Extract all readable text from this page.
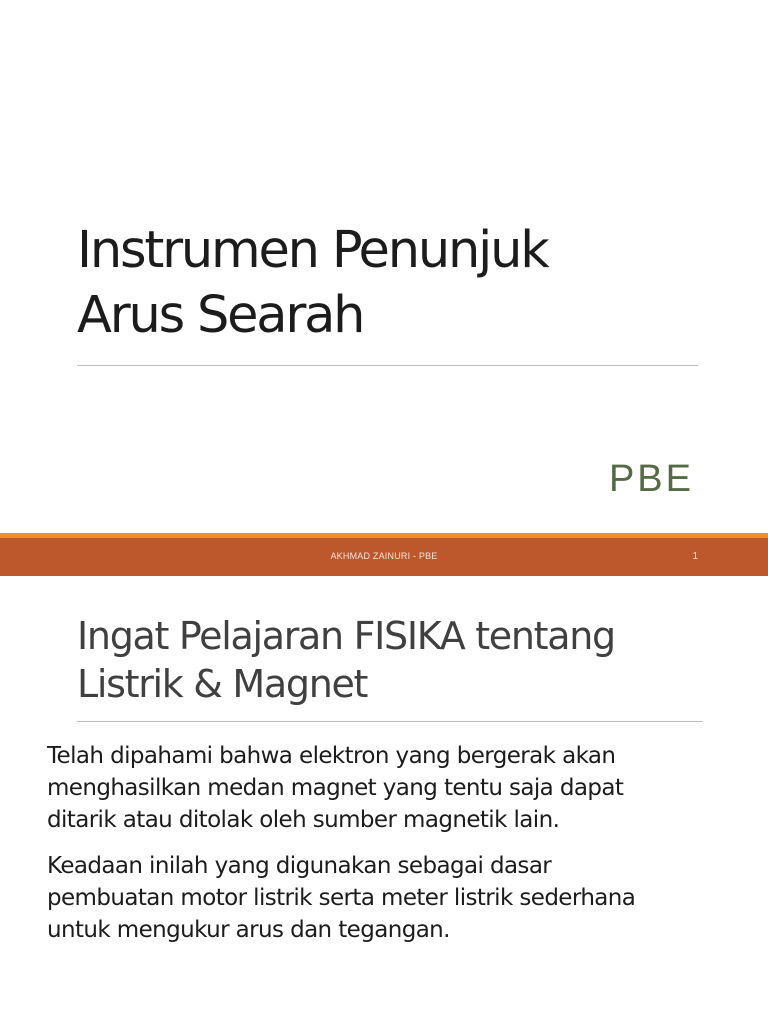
Instrumen Penunjuk
Arus Searah
PBE
AKHMAD ZAINURI - PBE	1
Ingat Pelajaran FISIKA tentang
Listrik & Magnet

Telah dipahami bahwa elektron yang bergerak akan
menghasilkan medan magnet yang tentu saja dapat
ditarik atau ditolak oleh sumber magnetik lain.

Keadaan inilah yang digunakan sebagai dasar
pembuatan motor listrik serta meter listrik sederhana
untuk mengukur arus dan tegangan.
